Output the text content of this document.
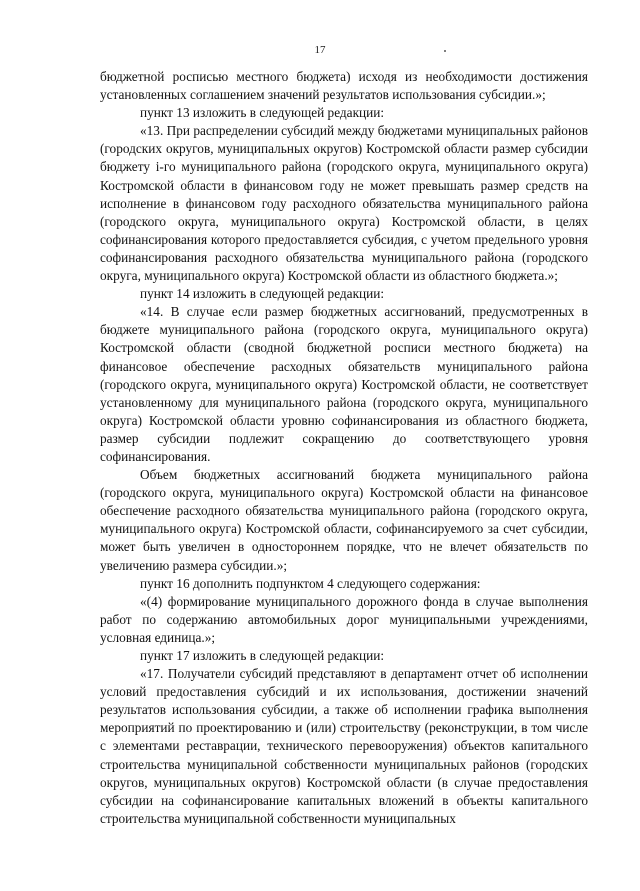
17

бюджетной росписью местного бюджета) исходя из необходимости достижения установленных соглашением значений результатов использования субсидии.»;

пункт 13 изложить в следующей редакции:

«13. При распределении субсидий между бюджетами муниципальных районов (городских округов, муниципальных округов) Костромской области размер субсидии бюджету i-го муниципального района (городского округа, муниципального округа) Костромской области в финансовом году не может превышать размер средств на исполнение в финансовом году расходного обязательства муниципального района (городского округа, муниципального округа) Костромской области, в целях софинансирования которого предоставляется субсидия, с учетом предельного уровня софинансирования расходного обязательства муниципального района (городского округа, муниципального округа) Костромской области из областного бюджета.»;

пункт 14 изложить в следующей редакции:

«14. В случае если размер бюджетных ассигнований, предусмотренных в бюджете муниципального района (городского округа, муниципального округа) Костромской области (сводной бюджетной росписи местного бюджета) на финансовое обеспечение расходных обязательств муниципального района (городского округа, муниципального округа) Костромской области, не соответствует установленному для муниципального района (городского округа, муниципального округа) Костромской области уровню софинансирования из областного бюджета, размер субсидии подлежит сокращению до соответствующего уровня софинансирования.

Объем бюджетных ассигнований бюджета муниципального района (городского округа, муниципального округа) Костромской области на финансовое обеспечение расходного обязательства муниципального района (городского округа, муниципального округа) Костромской области, софинансируемого за счет субсидии, может быть увеличен в одностороннем порядке, что не влечет обязательств по увеличению размера субсидии.»;

пункт 16 дополнить подпунктом 4 следующего содержания:

«(4) формирование муниципального дорожного фонда в случае выполнения работ по содержанию автомобильных дорог муниципальными учреждениями, условная единица.»;

пункт 17 изложить в следующей редакции:

«17. Получатели субсидий представляют в департамент отчет об исполнении условий предоставления субсидий и их использования, достижении значений результатов использования субсидии, а также об исполнении графика выполнения мероприятий по проектированию и (или) строительству (реконструкции, в том числе с элементами реставрации, технического перевооружения) объектов капитального строительства муниципальной собственности муниципальных районов (городских округов, муниципальных округов) Костромской области (в случае предоставления субсидии на софинансирование капитальных вложений в объекты капитального строительства муниципальной собственности муниципальных
